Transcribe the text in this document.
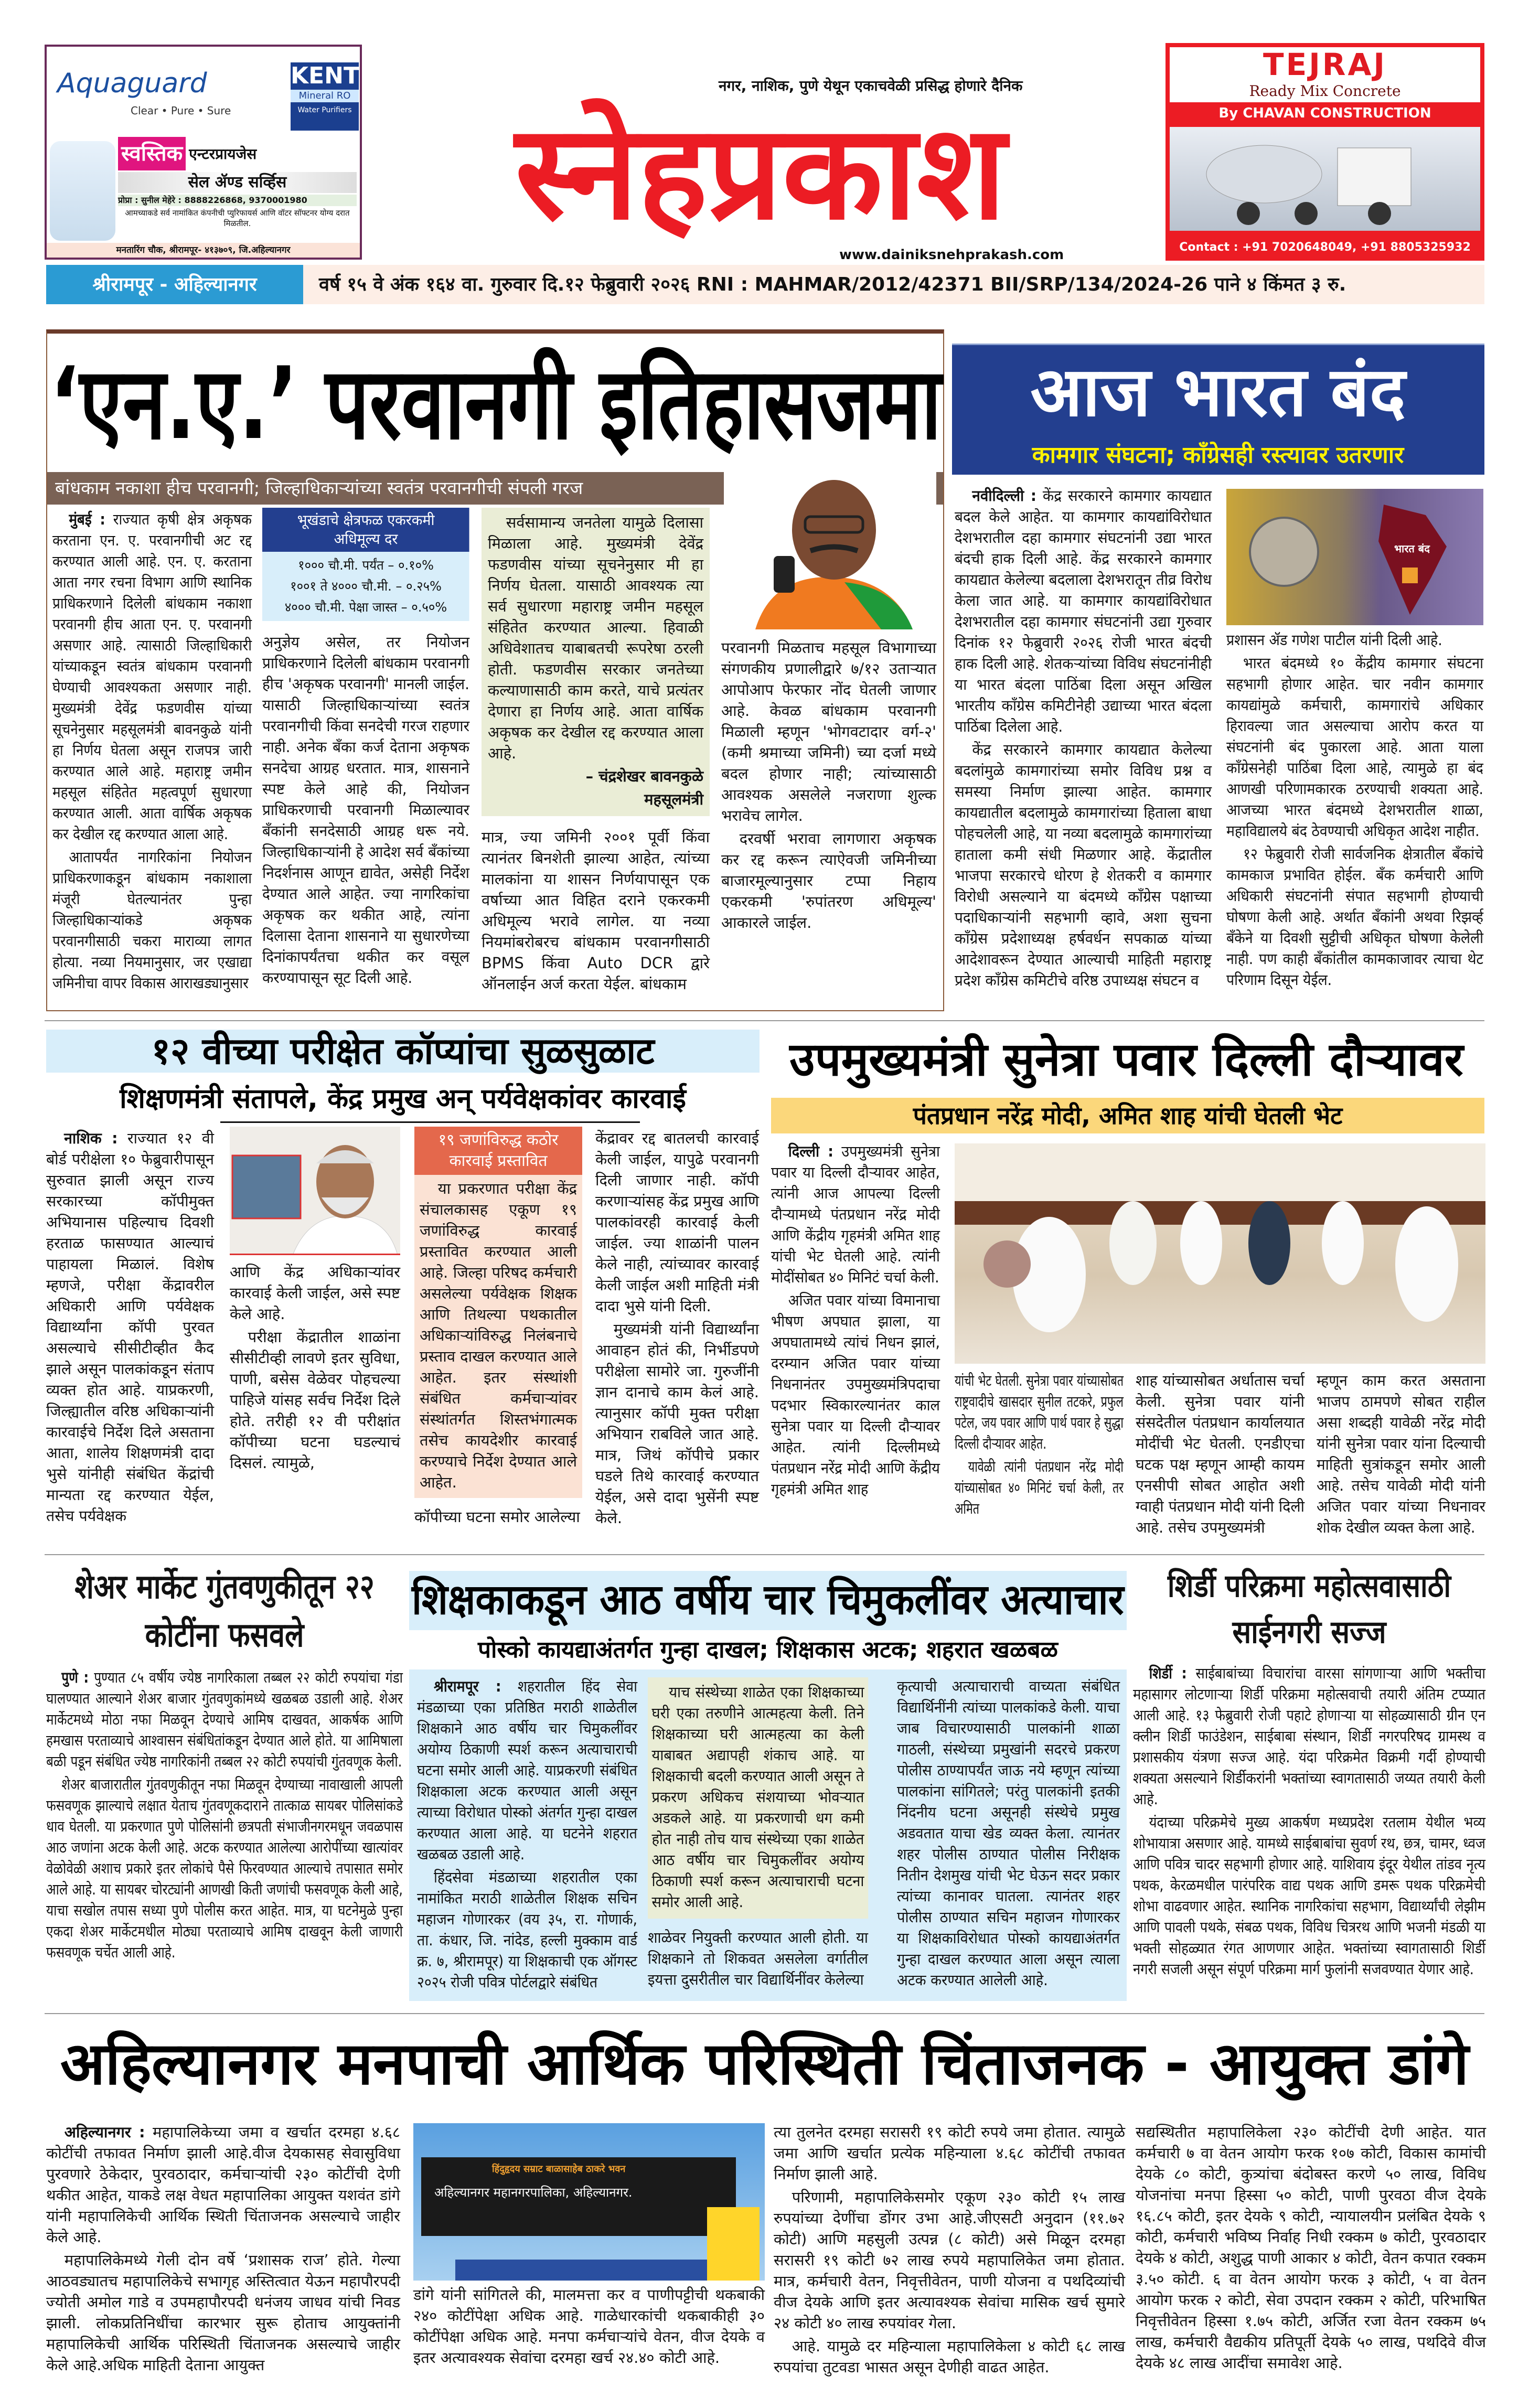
Aquaguard
Clear • Pure • Sure
KENT
Mineral RO
Water Purifiers
स्वस्तिक एन्टरप्रायजेस
सेल ॲण्ड सर्व्हिस
प्रोप्रा : सुनील मेहेरे : 8888226868, 9370001980
आमच्याकडे सर्व नामांकित कंपनीची प्युरिफायर्स आणि वॉटर सॉफ्टनर योग्य दरात मिळतील.
मनतारिंग चौक, श्रीरामपूर- ४१३७०९, जि.अहिल्यानगर
नगर, नाशिक, पुणे येथून एकाचवेळी प्रसिद्ध होणारे दैनिक
स्नेहप्रकाश
www.dainiksnehprakash.com
TEJRAJ
Ready Mix Concrete
By CHAVAN CONSTRUCTION
Contact : +91 7020648049, +91 8805325932
श्रीरामपूर - अहिल्यानगर	वर्ष १५ वे अंक १६४ वा. गुरुवार दि.१२ फेब्रुवारी २०२६ RNI : MAHMAR/2012/42371 BII/SRP/134/2024-26 पाने ४ किंमत ३ रु.
‘एन.ए.’ परवानगी इतिहासजमा
बांधकाम नकाशा हीच परवानगी; जिल्हाधिकाऱ्यांच्या स्वतंत्र परवानगीची संपली गरज

मुंबई : राज्यात कृषी क्षेत्र अकृषक करताना एन. ए. परवानगीची अट रद्द करण्यात आली आहे. एन. ए. करताना आता नगर रचना विभाग आणि स्थानिक प्राधिकरणाने दिलेली बांधकाम नकाशा परवानगी हीच आता एन. ए. परवानगी असणार आहे. त्यासाठी जिल्हाधिकारी यांच्याकडून स्वतंत्र बांधकाम परवानगी घेण्याची आवश्यकता असणार नाही. मुख्यमंत्री देवेंद्र फडणवीस यांच्या सूचनेनुसार महसूलमंत्री बावनकुळे यांनी हा निर्णय घेतला असून राजपत्र जारी करण्यात आले आहे. महाराष्ट्र जमीन महसूल संहितेत महत्वपूर्ण सुधारणा करण्यात आली. आता वार्षिक अकृषक कर देखील रद्द करण्यात आला आहे.

आतापर्यंत नागरिकांना नियोजन प्राधिकरणाकडून बांधकाम नकाशाला मंजूरी घेतल्यानंतर पुन्हा जिल्हाधिकाऱ्यांकडे अकृषक परवानगीसाठी चकरा माराव्या लागत होत्या. नव्या नियमानुसार, जर एखाद्या जमिनीचा वापर विकास आराखड्यानुसार

भूखंडाचे क्षेत्रफळ एकरकमी अधिमूल्य दर
१००० चौ.मी. पर्यंत – ०.१०%
१००१ ते ४००० चौ.मी. – ०.२५%
४००० चौ.मी. पेक्षा जास्त – ०.५०%

अनुज्ञेय असेल, तर नियोजन प्राधिकरणाने दिलेली बांधकाम परवानगी हीच 'अकृषक परवानगी' मानली जाईल. यासाठी जिल्हाधिकाऱ्यांच्या स्वतंत्र परवानगीची किंवा सनदेची गरज राहणार नाही. अनेक बँका कर्ज देताना अकृषक सनदेचा आग्रह धरतात. मात्र, शासनाने स्पष्ट केले आहे की, नियोजन प्राधिकरणाची परवानगी मिळाल्यावर बँकांनी सनदेसाठी आग्रह धरू नये. जिल्हाधिकाऱ्यांनी हे आदेश सर्व बँकांच्या निदर्शनास आणून द्यावेत, असेही निर्देश देण्यात आले आहेत. ज्या नागरिकांचा अकृषक कर थकीत आहे, त्यांना दिलासा देताना शासनाने या सुधारणेच्या दिनांकापर्यंतचा थकीत कर वसूल करण्यापासून सूट दिली आहे.

सर्वसामान्य जनतेला यामुळे दिलासा मिळाला आहे. मुख्यमंत्री देवेंद्र फडणवीस यांच्या सूचनेनुसार मी हा निर्णय घेतला. यासाठी आवश्यक त्या सर्व सुधारणा महाराष्ट्र जमीन महसूल संहितेत करण्यात आल्या. हिवाळी अधिवेशातच याबाबतची रूपरेषा ठरली होती. फडणवीस सरकार जनतेच्या कल्याणासाठी काम करते, याचे प्रत्यंतर देणारा हा निर्णय आहे. आता वार्षिक अकृषक कर देखील रद्द करण्यात आला आहे.

– चंद्रशेखर बावनकुळे

महसूलमंत्री

मात्र, ज्या जमिनी २००१ पूर्वी किंवा त्यानंतर बिनशेती झाल्या आहेत, त्यांच्या मालकांना या शासन निर्णयापासून एक वर्षाच्या आत विहित दराने एकरकमी अधिमूल्य भरावे लागेल. या नव्या नियमांबरोबरच बांधकाम परवानगीसाठी BPMS किंवा Auto DCR द्वारे ऑनलाईन अर्ज करता येईल. बांधकाम

परवानगी मिळताच महसूल विभागाच्या संगणकीय प्रणालीद्वारे ७/१२ उताऱ्यात आपोआप फेरफार नोंद घेतली जाणार आहे. केवळ बांधकाम परवानगी मिळाली म्हणून 'भोगवटादार वर्ग-२' (कमी श्रमाच्या जमिनी) च्या दर्जा मध्ये बदल होणार नाही; त्यांच्यासाठी आवश्यक असलेले नजराणा शुल्क भरावेच लागेल.

दरवर्षी भरावा लागणारा अकृषक कर रद्द करून त्याऐवजी जमिनीच्या बाजारमूल्यानुसार टप्पा निहाय एकरकमी 'रुपांतरण अधिमूल्य' आकारले जाईल.

आज भारत बंद
कामगार संघटना; काँग्रेसही रस्त्यावर उतरणार

नवीदिल्ली : केंद्र सरकारने कामगार कायद्यात बदल केले आहेत. या कामगार कायद्यांविरोधात देशभरातील दहा कामगार संघटनांनी उद्या भारत बंदची हाक दिली आहे. केंद्र सरकारने कामगार कायद्यात केलेल्या बदलाला देशभरातून तीव्र विरोध केला जात आहे. या कामगार कायद्यांविरोधात देशभरातील दहा कामगार संघटनांनी उद्या गुरुवार दिनांक १२ फेब्रुवारी २०२६ रोजी भारत बंदची हाक दिली आहे. शेतकऱ्यांच्या विविध संघटनांनीही या भारत बंदला पाठिंबा दिला असून अखिल भारतीय काँग्रेस कमिटीनेही उद्याच्या भारत बंदला पाठिंबा दिलेला आहे.

केंद्र सरकारने कामगार कायद्यात केलेल्या बदलांमुळे कामगारांच्या समोर विविध प्रश्न व समस्या निर्माण झाल्या आहेत. कामगार कायद्यातील बदलामुळे कामगारांच्या हिताला बाधा पोहचलेली आहे, या नव्या बदलामुळे कामगारांच्या हाताला कमी संधी मिळणार आहे. केंद्रातील भाजपा सरकारचे धोरण हे शेतकरी व कामगार विरोधी असल्याने या बंदमध्ये काँग्रेस पक्षाच्या पदाधिकाऱ्यांनी सहभागी व्हावे, अशा सुचना काँग्रेस प्रदेशाध्यक्ष हर्षवर्धन सपकाळ यांच्या आदेशावरून देण्यात आल्याची माहिती महाराष्ट्र प्रदेश काँग्रेस कमिटीचे वरिष्ठ उपाध्यक्ष संघटन व

भारत बंद

प्रशासन ॲड गणेश पाटील यांनी दिली आहे.

भारत बंदमध्ये १० केंद्रीय कामगार संघटना सहभागी होणार आहेत. चार नवीन कामगार कायद्यांमुळे कर्मचारी, कामगारांचे अधिकार हिरावल्या जात असल्याचा आरोप करत या संघटनांनी बंद पुकारला आहे. आता याला काँग्रेसनेही पाठिंबा दिला आहे, त्यामुळे हा बंद आणखी परिणामकारक ठरण्याची शक्यता आहे. आजच्या भारत बंदमध्ये देशभरातील शाळा, महाविद्यालये बंद ठेवण्याची अधिकृत आदेश नाहीत.

१२ फेब्रुवारी रोजी सार्वजनिक क्षेत्रातील बँकांचे कामकाज प्रभावित होईल. बँक कर्मचारी आणि अधिकारी संघटनांनी संपात सहभागी होण्याची घोषणा केली आहे. अर्थात बँकांनी अथवा रिझर्व्ह बँकेने या दिवशी सुट्टीची अधिकृत घोषणा केलेली नाही. पण काही बँकांतील कामकाजावर त्याचा थेट परिणाम दिसून येईल.

१२ वीच्या परीक्षेत कॉप्यांचा सुळसुळाट
शिक्षणमंत्री संतापले, केंद्र प्रमुख अन् पर्यवेक्षकांवर कारवाई

नाशिक : राज्यात १२ वी बोर्ड परीक्षेला १० फेब्रुवारीपासून सुरुवात झाली असून राज्य सरकारच्या कॉपीमुक्त अभियानास पहिल्याच दिवशी हरताळ फासण्यात आल्याचं पाहायला मिळालं. विशेष म्हणजे, परीक्षा केंद्रावरील अधिकारी आणि पर्यवेक्षक विद्यार्थ्यांना कॉपी पुरवत असल्याचे सीसीटीव्हीत कैद झाले असून पालकांकडून संताप व्यक्त होत आहे. याप्रकरणी, जिल्ह्यातील वरिष्ठ अधिकाऱ्यांनी कारवाईचे निर्देश दिले असताना आता, शालेय शिक्षणमंत्री दादा भुसे यांनीही संबंधित केंद्रांची मान्यता रद्द करण्यात येईल, तसेच पर्यवेक्षक

आणि केंद्र अधिकाऱ्यांवर कारवाई केली जाईल, असे स्पष्ट केले आहे.

परीक्षा केंद्रातील शाळांना सीसीटीव्ही लावणे इतर सुविधा, पाणी, बसेस वेळेवर पोहचल्या पाहिजे यांसह सर्वच निर्देश दिले होते. तरीही १२ वी परीक्षांत कॉपीच्या घटना घडल्याचं दिसलं. त्यामुळे,

१९ जणांविरुद्ध कठोर कारवाई प्रस्तावित

या प्रकरणात परीक्षा केंद्र संचालकासह एकूण १९ जणांविरुद्ध कारवाई प्रस्तावित करण्यात आली आहे. जिल्हा परिषद कर्मचारी असलेल्या पर्यवेक्षक शिक्षक आणि तिथल्या पथकातील अधिकाऱ्यांविरुद्ध निलंबनाचे प्रस्ताव दाखल करण्यात आले आहेत. इतर संस्थांशी संबंधित कर्मचाऱ्यांवर संस्थांतर्गत शिस्तभंगात्मक तसेच कायदेशीर कारवाई करण्याचे निर्देश देण्यात आले आहेत.

कॉपीच्या घटना समोर आलेल्या

केंद्रावर रद्द बातलची कारवाई केली जाईल, यापुढे परवानगी दिली जाणार नाही. कॉपी करणाऱ्यांसह केंद्र प्रमुख आणि पालकांवरही कारवाई केली जाईल. ज्या शाळांनी पालन केले नाही, त्यांच्यावर कारवाई केली जाईल अशी माहिती मंत्री दादा भुसे यांनी दिली.

मुख्यमंत्री यांनी विद्यार्थ्यांना आवाहन होतं की, निर्भीडपणे परीक्षेला सामोरे जा. गुरुजींनी ज्ञान दानाचे काम केलं आहे. त्यानुसार कॉपी मुक्त परीक्षा अभियान राबविले जात आहे. मात्र, जिथं कॉपीचे प्रकार घडले तिथे कारवाई करण्यात येईल, असे दादा भुसेंनी स्पष्ट केले.

उपमुख्यमंत्री सुनेत्रा पवार दिल्ली दौऱ्यावर
पंतप्रधान नरेंद्र मोदी, अमित शाह यांची घेतली भेट

दिल्ली : उपमुख्यमंत्री सुनेत्रा पवार या दिल्ली दौऱ्यावर आहेत, त्यांनी आज आपल्या दिल्ली दौऱ्यामध्ये पंतप्रधान नरेंद्र मोदी आणि केंद्रीय गृहमंत्री अमित शाह यांची भेट घेतली आहे. त्यांनी मोदींसोबत ४० मिनिटं चर्चा केली.

अजित पवार यांच्या विमानाचा भीषण अपघात झाला, या अपघातामध्ये त्यांचं निधन झालं, दरम्यान अजित पवार यांच्या निधनानंतर उपमुख्यमंत्रिपदाचा पदभार स्विकारल्यानंतर काल सुनेत्रा पवार या दिल्ली दौऱ्यावर आहेत. त्यांनी दिल्लीमध्ये पंतप्रधान नरेंद्र मोदी आणि केंद्रीय गृहमंत्री अमित शाह

यांची भेट घेतली. सुनेत्रा पवार यांच्यासोबत राष्ट्रवादीचे खासदार सुनील तटकरे, प्रफुल पटेल, जय पवार आणि पार्थ पवार हे सुद्धा दिल्ली दौऱ्यावर आहेत.

यावेळी त्यांनी पंतप्रधान नरेंद्र मोदी यांच्यासोबत ४० मिनिटं चर्चा केली, तर अमित

शाह यांच्यासोबत अर्धातास चर्चा केली. सुनेत्रा पवार यांनी संसदेतील पंतप्रधान कार्यालयात मोदींची भेट घेतली. एनडीएचा घटक पक्ष म्हणून आम्ही कायम एनसीपी सोबत आहोत अशी ग्वाही पंतप्रधान मोदी यांनी दिली आहे. तसेच उपमुख्यमंत्री

म्हणून काम करत असताना भाजप ठामपणे सोबत राहील असा शब्दही यावेळी नरेंद्र मोदी यांनी सुनेत्रा पवार यांना दिल्याची माहिती सुत्रांकडून समोर आली आहे. तसेच यावेळी मोदी यांनी अजित पवार यांच्या निधनावर शोक देखील व्यक्त केला आहे.

शेअर मार्केट गुंतवणुकीतून २२ कोटींना फसवले

पुणे : पुण्यात ८५ वर्षीय ज्येष्ठ नागरिकाला तब्बल २२ कोटी रुपयांचा गंडा घालण्यात आल्याने शेअर बाजार गुंतवणुकांमध्ये खळबळ उडाली आहे. शेअर मार्केटमध्ये मोठा नफा मिळवून देण्याचे आमिष दाखवत, आकर्षक आणि हमखास परताव्याचे आश्वासन संबंधितांकडून देण्यात आले होते. या आमिषाला बळी पडून संबंधित ज्येष्ठ नागरिकांनी तब्बल २२ कोटी रुपयांची गुंतवणूक केली.

शेअर बाजारातील गुंतवणुकीतून नफा मिळवून देण्याच्या नावाखाली आपली फसवणूक झाल्याचे लक्षात येताच गुंतवणूकदाराने तात्काळ सायबर पोलिसांकडे धाव घेतली. या प्रकरणात पुणे पोलिसांनी छत्रपती संभाजीनगरमधून जवळपास आठ जणांना अटक केली आहे. अटक करण्यात आलेल्या आरोपींच्या खात्यांवर वेळोवेळी अशाच प्रकारे इतर लोकांचे पैसे फिरवण्यात आल्याचे तपासात समोर आले आहे. या सायबर चोरट्यांनी आणखी किती जणांची फसवणूक केली आहे, याचा सखोल तपास सध्या पुणे पोलीस करत आहेत. मात्र, या घटनेमुळे पुन्हा एकदा शेअर मार्केटमधील मोठ्या परताव्याचे आमिष दाखवून केली जाणारी फसवणूक चर्चेत आली आहे.

शिक्षकाकडून आठ वर्षीय चार चिमुकलींवर अत्याचार
पोस्को कायद्याअंतर्गत गुन्हा दाखल; शिक्षकास अटक; शहरात खळबळ

श्रीरामपूर : शहरातील हिंद सेवा मंडळाच्या एका प्रतिष्ठित मराठी शाळेतील शिक्षकाने आठ वर्षीय चार चिमुकलींवर अयोग्य ठिकाणी स्पर्श करून अत्याचाराची घटना समोर आली आहे. याप्रकरणी संबंधित शिक्षकाला अटक करण्यात आली असून त्याच्या विरोधात पोस्को अंतर्गत गुन्हा दाखल करण्यात आला आहे. या घटनेने शहरात खळबळ उडाली आहे.

हिंदसेवा मंडळाच्या शहरातील एका नामांकित मराठी शाळेतील शिक्षक सचिन महाजन गोणारकर (वय ३५, रा. गोणार्क, ता. कंधार, जि. नांदेड, हल्ली मुक्काम वार्ड क्र. ७, श्रीरामपूर) या शिक्षकाची एक ऑगस्ट २०२५ रोजी पवित्र पोर्टलद्वारे संबंधित

याच संस्थेच्या शाळेत एका शिक्षकाच्या घरी एका तरुणीने आत्महत्या केली. तिने शिक्षकाच्या घरी आत्महत्या का केली याबाबत अद्यापही शंकाच आहे. या शिक्षकाची बदली करण्यात आली असून ते प्रकरण अधिकच संशयाच्या भोवऱ्यात अडकले आहे. या प्रकरणाची धग कमी होत नाही तोच याच संस्थेच्या एका शाळेत आठ वर्षीय चार चिमुकलींवर अयोग्य ठिकाणी स्पर्श करून अत्याचाराची घटना समोर आली आहे.

शाळेवर नियुक्ती करण्यात आली होती. या शिक्षकाने तो शिकवत असलेला वर्गातील इयत्ता दुसरीतील चार विद्यार्थिनींवर केलेल्या

कृत्याची अत्याचाराची वाच्यता संबंधित विद्यार्थिनींनी त्यांच्या पालकांकडे केली. याचा जाब विचारण्यासाठी पालकांनी शाळा गाठली, संस्थेच्या प्रमुखांनी सदरचे प्रकरण पोलीस ठाण्यापर्यंत जाऊ नये म्हणून त्यांच्या पालकांना सांगितले; परंतु पालकांनी इतकी निंदनीय घटना असूनही संस्थेचे प्रमुख अडवतात याचा खेड व्यक्त केला. त्यानंतर शहर पोलीस ठाण्यात पोलीस निरीक्षक नितीन देशमुख यांची भेट घेऊन सदर प्रकार त्यांच्या कानावर घातला. त्यानंतर शहर पोलीस ठाण्यात सचिन महाजन गोणारकर या शिक्षकाविरोधात पोस्को कायद्याअंतर्गत गुन्हा दाखल करण्यात आला असून त्याला अटक करण्यात आलेली आहे.

शिर्डी परिक्रमा महोत्सवासाठी साईनगरी सज्ज

शिर्डी : साईबाबांच्या विचारांचा वारसा सांगणाऱ्या आणि भक्तीचा महासागर लोटणाऱ्या शिर्डी परिक्रमा महोत्सवाची तयारी अंतिम टप्प्यात आली आहे. १३ फेब्रुवारी रोजी पहाटे होणाऱ्या या सोहळ्यासाठी ग्रीन एन क्लीन शिर्डी फाउंडेशन, साईबाबा संस्थान, शिर्डी नगरपरिषद ग्रामस्थ व प्रशासकीय यंत्रणा सज्ज आहे. यंदा परिक्रमेत विक्रमी गर्दी होण्याची शक्यता असल्याने शिर्डीकरांनी भक्तांच्या स्वागतासाठी जय्यत तयारी केली आहे.

यंदाच्या परिक्रमेचे मुख्य आकर्षण मध्यप्रदेश रतलाम येथील भव्य शोभायात्रा असणार आहे. यामध्ये साईबाबांचा सुवर्ण रथ, छत्र, चामर, ध्वज आणि पवित्र चादर सहभागी होणार आहे. याशिवाय इंदूर येथील तांडव नृत्य पथक, केरळमधील पारंपरिक वाद्य पथक आणि डमरू पथक परिक्रमेची शोभा वाढवणार आहेत. स्थानिक नागरिकांचा सहभाग, विद्यार्थ्यांची लेझीम आणि पावली पथके, संबळ पथक, विविध चित्ररथ आणि भजनी मंडळी या भक्ती सोहळ्यात रंगत आणणार आहेत. भक्तांच्या स्वागतासाठी शिर्डी नगरी सजली असून संपूर्ण परिक्रमा मार्ग फुलांनी सजवण्यात येणार आहे.

अहिल्यानगर मनपाची आर्थिक परिस्थिती चिंताजनक - आयुक्त डांगे

अहिल्यानगर : महापालिकेच्या जमा व खर्चात दरमहा ४.६८ कोटींची तफावत निर्माण झाली आहे.वीज देयकासह सेवासुविधा पुरवणारे ठेकेदार, पुरवठादार, कर्मचाऱ्यांची २३० कोटींची देणी थकीत आहेत, याकडे लक्ष वेधत महापालिका आयुक्त यशवंत डांगे यांनी महापालिकेची आर्थिक स्थिती चिंताजनक असल्याचे जाहीर केले आहे.

महापालिकेमध्ये गेली दोन वर्षे ‘प्रशासक राज’ होते. गेल्या आठवड्यातच महापालिकेचे सभागृह अस्तित्वात येऊन महापौरपदी ज्योती अमोल गाडे व उपमहापौरपदी धनंजय जाधव यांची निवड झाली. लोकप्रतिनिधींचा कारभार सुरू होताच आयुक्तांनी महापालिकेची आर्थिक परिस्थिती चिंताजनक असल्याचे जाहीर केले आहे.अधिक माहिती देताना आयुक्त

हिंदुहृदय सम्राट बाळासाहेब ठाकरे भवन
अहिल्यानगर महानगरपालिका, अहिल्यानगर.

डांगे यांनी सांगितले की, मालमत्ता कर व पाणीपट्टीची थकबाकी २४० कोटींपेक्षा अधिक आहे. गाळेधारकांची थकबाकीही ३० कोटींपेक्षा अधिक आहे. मनपा कर्मचाऱ्यांचे वेतन, वीज देयके व इतर अत्यावश्यक सेवांचा दरमहा खर्च २४.४० कोटी आहे.

त्या तुलनेत दरमहा सरासरी १९ कोटी रुपये जमा होतात. त्यामुळे जमा आणि खर्चात प्रत्येक महिन्याला ४.६८ कोटींची तफावत निर्माण झाली आहे.

परिणामी, महापालिकेसमोर एकूण २३० कोटी १५ लाख रुपयांच्या देणींचा डोंगर उभा आहे.जीएसटी अनुदान (११.७२ कोटी) आणि महसुली उत्पन्न (८ कोटी) असे मिळून दरमहा सरासरी १९ कोटी ७२ लाख रुपये महापालिकेत जमा होतात. मात्र, कर्मचारी वेतन, निवृत्तीवेतन, पाणी योजना व पथदिव्यांची वीज देयके आणि इतर अत्यावश्यक सेवांचा मासिक खर्च सुमारे २४ कोटी ४० लाख रुपयांवर गेला.

आहे. यामुळे दर महिन्याला महापालिकेला ४ कोटी ६८ लाख रुपयांचा तुटवडा भासत असून देणीही वाढत आहेत.

सद्यस्थितीत महापालिकेला २३० कोटींची देणी आहेत. यात कर्मचारी ७ वा वेतन आयोग फरक १०७ कोटी, विकास कामांची देयके ८० कोटी, कुत्र्यांचा बंदोबस्त करणे ५० लाख, विविध योजनांचा मनपा हिस्सा ५० कोटी, पाणी पुरवठा वीज देयके १६.८५ कोटी, इतर देयके ९ कोटी, न्यायालयीन प्रलंबित देयके ९ कोटी, कर्मचारी भविष्य निर्वाह निधी रक्कम ७ कोटी, पुरवठादार देयके ४ कोटी, अशुद्ध पाणी आकार ४ कोटी, वेतन कपात रक्कम ३.५० कोटी. ६ वा वेतन आयोग फरक ३ कोटी, ५ वा वेतन आयोग फरक २ कोटी, सेवा उपदान रक्कम २ कोटी, परिभाषित निवृत्तीवेतन हिस्सा १.७५ कोटी, अर्जित रजा वेतन रक्कम ७५ लाख, कर्मचारी वैद्यकीय प्रतिपूर्ती देयके ५० लाख, पथदिवे वीज देयके ४८ लाख आदींचा समावेश आहे.
